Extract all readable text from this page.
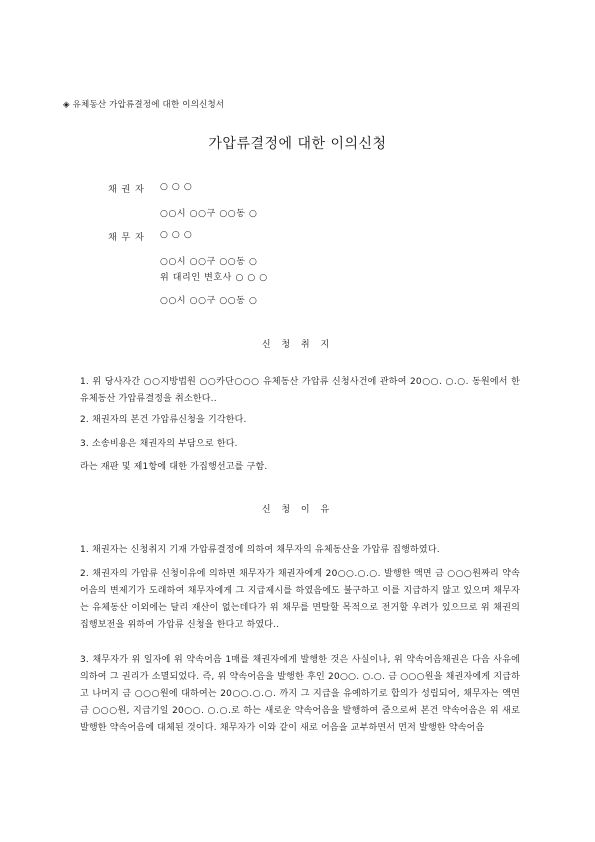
◈ 유체동산 가압류결정에 대한 이의신청서
가압류결정에 대한 이의신청
채 권 자 ○ ○ ○
○○시 ○○구 ○○동 ○
채 무 자 ○ ○ ○
○○시 ○○구 ○○동 ○
위 대리인 변호사 ○ ○ ○
○○시 ○○구 ○○동 ○
신 청 취 지
1. 위 당사자간 ○○지방법원 ○○카단○○○ 유체동산 가압류 신청사건에 관하여 20○○. ○.○. 동원에서 한 유체동산 가압류결정을 취소한다..
2. 채권자의 본건 가압류신청을 기각한다.
3. 소송비용은 채권자의 부담으로 한다.
라는 재판 및 제1항에 대한 가집행선고를 구함.
신 청 이 유
1. 채권자는 신청취지 기재 가압류결정에 의하여 채무자의 유체동산을 가압류 집행하였다.
2. 채권자의 가압류 신청이유에 의하면 채무자가 채권자에게 20○○.○.○. 발행한 액면 금 ○○○원짜리 약속어음의 변제기가 도래하여 채무자에게 그 지급제시를 하였음에도 불구하고 이를 지급하지 않고 있으며 채무자는 유체동산 이외에는 달리 재산이 없는데다가 위 채무를 면탈할 목적으로 전거할 우려가 있으므로 위 채권의 집행보전을 위하여 가압류 신청을 한다고 하였다..
3. 채무자가 위 일자에 위 약속어음 1매를 채권자에게 발행한 것은 사실이나, 위 약속어음채권은 다음 사유에 의하여 그 권리가 소멸되었다. 즉, 위 약속어음을 발행한 후인 20○○. ○.○. 금 ○○○원을 채권자에게 지급하고 나머지 금 ○○○원에 대하여는 20○○.○.○. 까지 그 지급을 유예하기로 합의가 성립되어, 채무자는 액면금 ○○○원, 지급기일 20○○. ○.○.로 하는 새로운 약속어음을 발행하여 줌으로써 본건 약속어음은 위 새로 발행한 약속어음에 대체된 것이다. 채무자가 이와 같이 새로 어음을 교부하면서 먼저 발행한 약속어음
